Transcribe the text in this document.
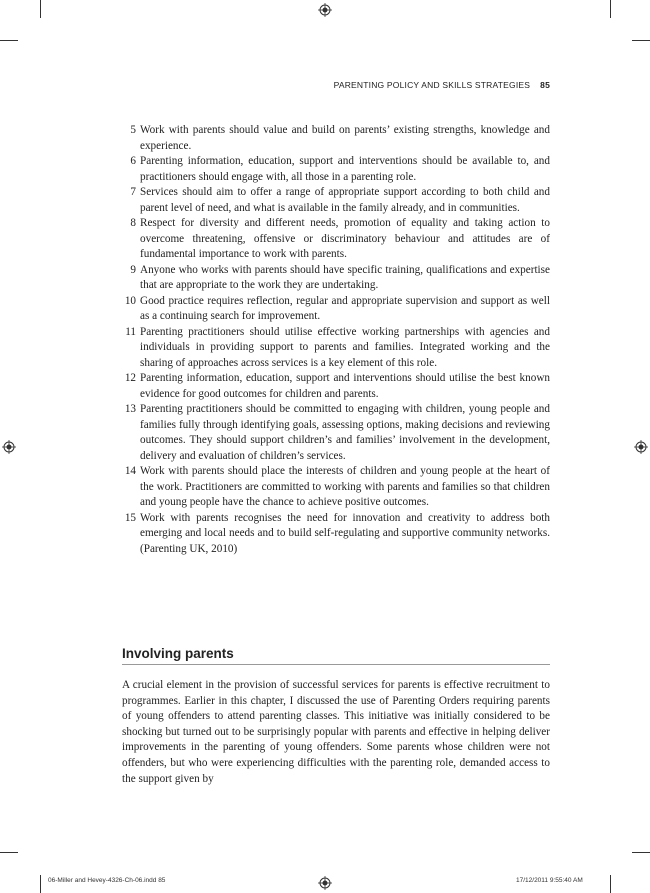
PARENTING POLICY AND SKILLS STRATEGIES 85
5 Work with parents should value and build on parents’ existing strengths, knowledge and experience.
6 Parenting information, education, support and interventions should be available to, and practitioners should engage with, all those in a parenting role.
7 Services should aim to offer a range of appropriate support according to both child and parent level of need, and what is available in the family already, and in communities.
8 Respect for diversity and different needs, promotion of equality and taking action to overcome threatening, offensive or discriminatory behaviour and attitudes are of fundamental importance to work with parents.
9 Anyone who works with parents should have specific training, qualifications and expertise that are appropriate to the work they are undertaking.
10 Good practice requires reflection, regular and appropriate supervision and support as well as a continuing search for improvement.
11 Parenting practitioners should utilise effective working partnerships with agencies and individuals in providing support to parents and families. Integrated working and the sharing of approaches across services is a key element of this role.
12 Parenting information, education, support and interventions should utilise the best known evidence for good outcomes for children and parents.
13 Parenting practitioners should be committed to engaging with children, young people and families fully through identifying goals, assessing options, making decisions and reviewing outcomes. They should support children’s and families’ involvement in the development, delivery and evaluation of children’s services.
14 Work with parents should place the interests of children and young people at the heart of the work. Practitioners are committed to working with parents and families so that children and young people have the chance to achieve positive outcomes.
15 Work with parents recognises the need for innovation and creativity to address both emerging and local needs and to build self-regulating and supportive community networks. (Parenting UK, 2010)
Involving parents

A crucial element in the provision of successful services for parents is effective recruitment to programmes. Earlier in this chapter, I discussed the use of Parenting Orders requiring parents of young offenders to attend parenting classes. This initiative was initially considered to be shocking but turned out to be surprisingly popular with parents and effective in helping deliver improvements in the parenting of young offenders. Some parents whose children were not offenders, but who were experiencing difficulties with the parenting role, demanded access to the support given by

06-Miller and Hevey-4326-Ch-06.indd 85	17/12/2011 9:55:40 AM
